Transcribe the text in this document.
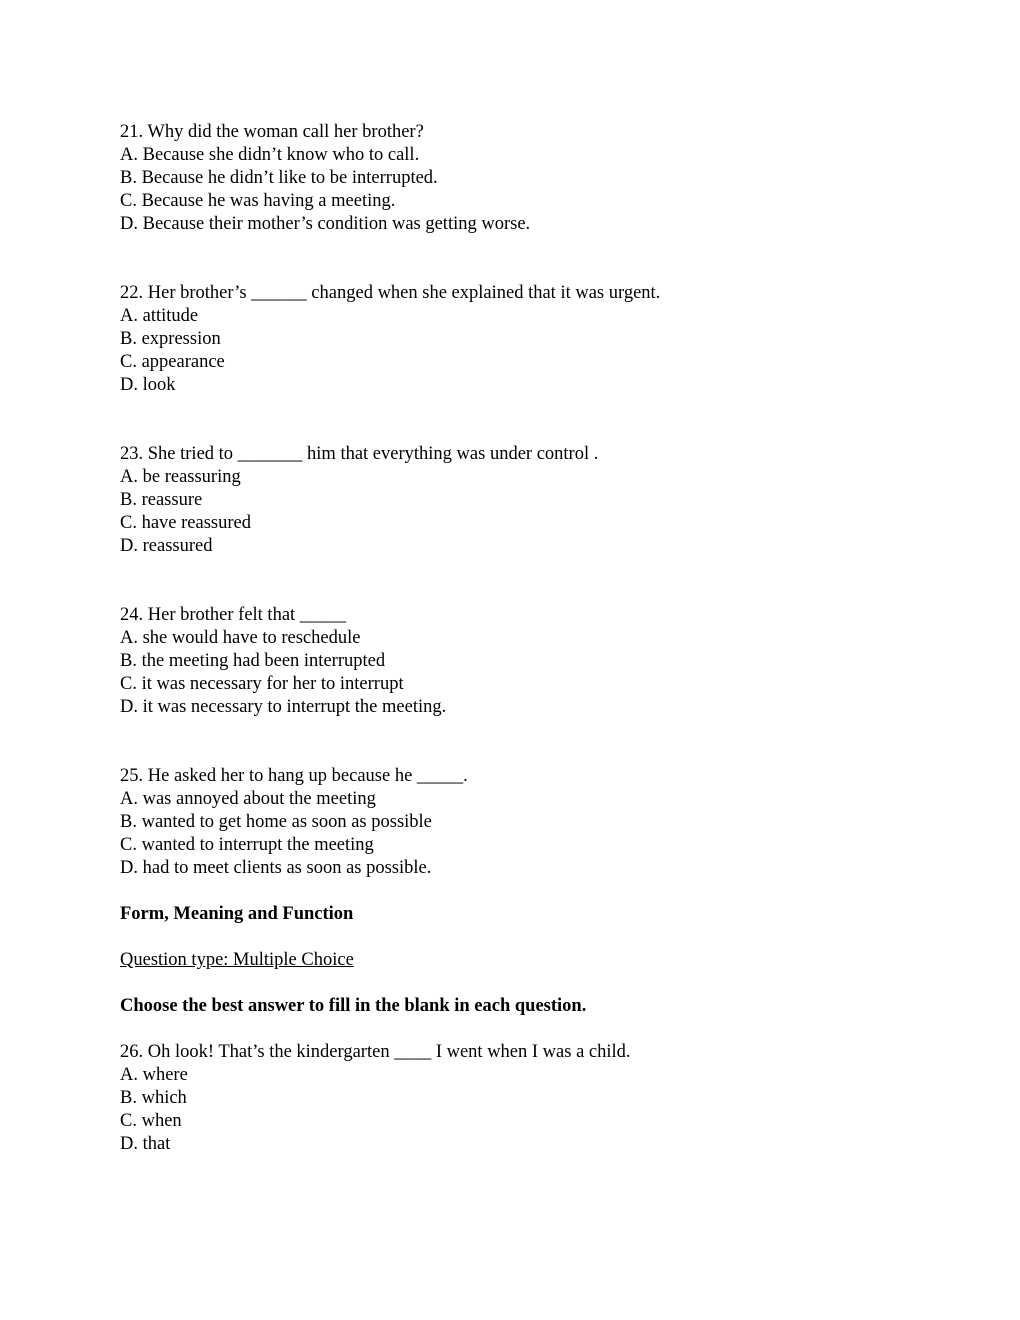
21. Why did the woman call her brother?
A. Because she didn’t know who to call.
B. Because he didn’t like to be interrupted.
C. Because he was having a meeting.
D. Because their mother’s condition was getting worse.
22. Her brother’s ______ changed when she explained that it was urgent.
A. attitude
B. expression
C. appearance
D. look
23. She tried to _______ him that everything was under control .
A. be reassuring
B. reassure
C. have reassured
D. reassured
24. Her brother felt that _____
A. she would have to reschedule
B. the meeting had been interrupted
C. it was necessary for her to interrupt
D. it was necessary to interrupt the meeting.
25. He asked her to hang up because he _____.
A. was annoyed about the meeting
B. wanted to get home as soon as possible
C. wanted to interrupt the meeting
D. had to meet clients as soon as possible.
Form, Meaning and Function
Question type: Multiple Choice
Choose the best answer to fill in the blank in each question.
26. Oh look! That’s the kindergarten ____ I went when I was a child.
A. where
B. which
C. when
D. that
